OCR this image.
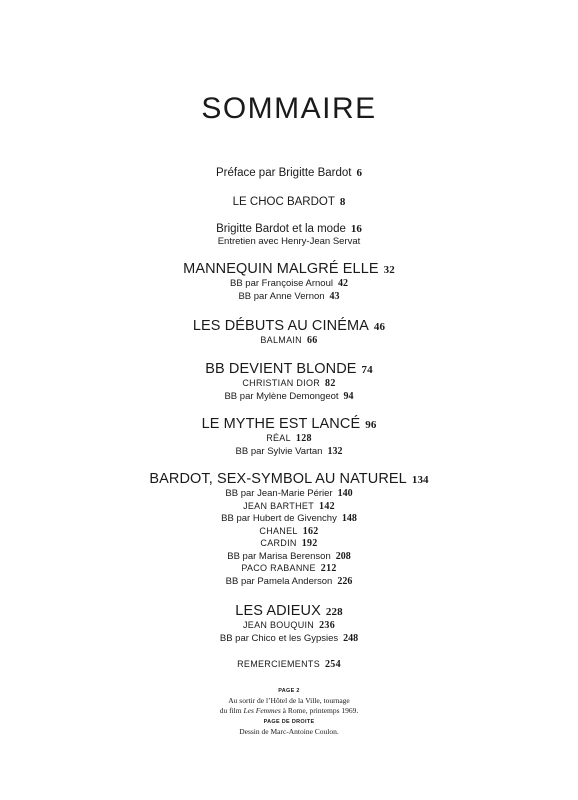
SOMMAIRE
Préface par Brigitte Bardot 6
LE CHOC BARDOT 8
Brigitte Bardot et la mode 16
Entretien avec Henry-Jean Servat
MANNEQUIN MALGRÉ ELLE 32
BB par Françoise Arnoul 42
BB par Anne Vernon 43
LES DÉBUTS AU CINÉMA 46
BALMAIN 66
BB DEVIENT BLONDE 74
CHRISTIAN DIOR 82
BB par Mylène Demongeot 94
LE MYTHE EST LANCÉ 96
RÉAL 128
BB par Sylvie Vartan 132
BARDOT, SEX-SYMBOL AU NATUREL 134
BB par Jean-Marie Périer 140
JEAN BARTHET 142
BB par Hubert de Givenchy 148
CHANEL 162
CARDIN 192
BB par Marisa Berenson 208
PACO RABANNE 212
BB par Pamela Anderson 226
LES ADIEUX 228
JEAN BOUQUIN 236
BB par Chico et les Gypsies 248
REMERCIEMENTS 254
PAGE 2
Au sortir de l’Hôtel de la Ville, tournage
du film Les Femmes à Rome, printemps 1969.
PAGE DE DROITE
Dessin de Marc-Antoine Coulon.
